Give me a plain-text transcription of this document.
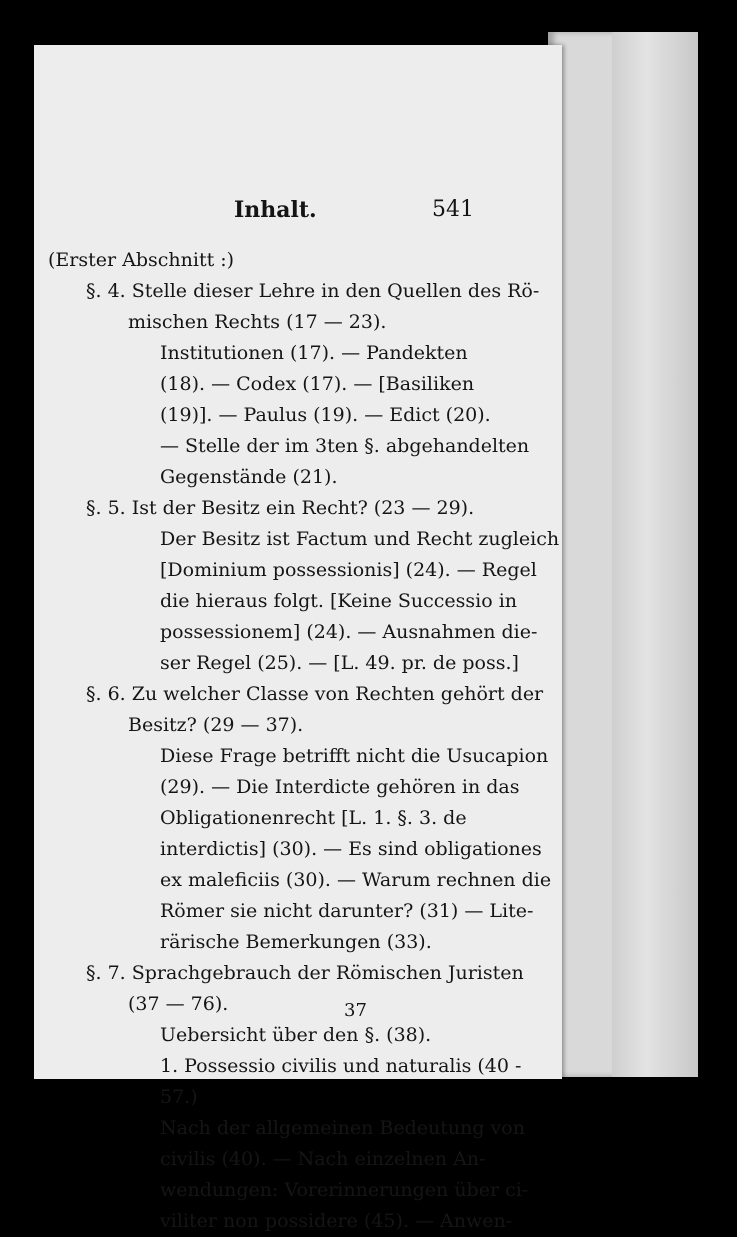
Inhalt.	541
(Erster Abschnitt :)
§. 4. Stelle dieser Lehre in den Quellen des Rö-
mischen Rechts (17 — 23).
Institutionen (17). — Pandekten
(18). — Codex (17). — [Basiliken
(19)]. — Paulus (19). — Edict (20).
— Stelle der im 3ten §. abgehandelten
Gegenstände (21).
§. 5. Ist der Besitz ein Recht? (23 — 29).
Der Besitz ist Factum und Recht zugleich
[Dominium possessionis] (24). — Regel
die hieraus folgt. [Keine Successio in
possessionem] (24). — Ausnahmen die-
ser Regel (25). — [L. 49. pr. de poss.]
§. 6. Zu welcher Classe von Rechten gehört der
Besitz? (29 — 37).
Diese Frage betrifft nicht die Usucapion
(29). — Die Interdicte gehören in das
Obligationenrecht [L. 1. §. 3. de
interdictis] (30). — Es sind obligationes
ex maleficiis (30). — Warum rechnen die
Römer sie nicht darunter? (31) — Lite-
rärische Bemerkungen (33).
§. 7. Sprachgebrauch der Römischen Juristen
(37 — 76).
Uebersicht über den §. (38).
1. Possessio civilis und naturalis (40 -
57.)
Nach der allgemeinen Bedeutung von
civilis (40). — Nach einzelnen An-
wendungen: Vorerinnerungen über ci-
viliter non possidere (45). — Anwen-
37
